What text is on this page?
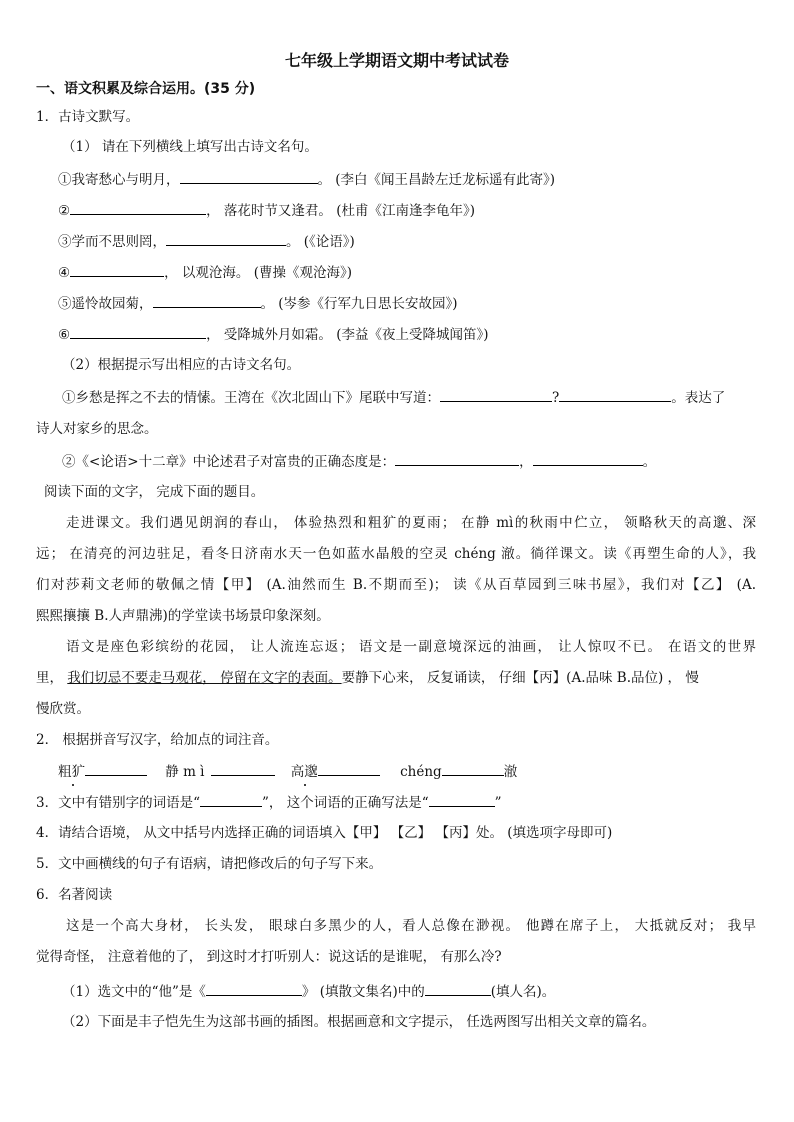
七年级上学期语文期中考试试卷
一、语文积累及综合运用。(35 分)
1．古诗文默写。
（1） 请在下列横线上填写出古诗文名句。
①我寄愁心与明月，	。 (李白《闻王昌龄左迁龙标遥有此寄》)
②	， 落花时节又逢君。 (杜甫《江南逢李龟年》)
③学而不思则罔，	。 (《论语》)
④	， 以观沧海。 (曹操《观沧海》)
⑤遥怜故园菊，	。 (岑参《行军九日思长安故园》)
⑥	， 受降城外月如霜。 (李益《夜上受降城闻笛》)
（2）根据提示写出相应的古诗文名句。
①乡愁是挥之不去的情愫。王湾在《次北固山下》尾联中写道：	?	。表达了
诗人对家乡的思念。
②《<论语>十二章》中论述君子对富贵的正确态度是：	，	。
阅读下面的文字， 完成下面的题目。
走进课文。我们遇见朗润的春山， 体验热烈和粗犷的夏雨； 在静 mì的秋雨中伫立， 领略秋天的高邈、深
远； 在清亮的河边驻足，看冬日济南水天一色如蓝水晶般的空灵 chéng 澈。徜徉课文。读《再塑生命的人》，我
们对莎莉文老师的敬佩之情【甲】 (A.油然而生 B.不期而至)； 读《从百草园到三味书屋》，我们对【乙】 (A.
熙熙攘攘 B.人声鼎沸)的学堂读书场景印象深刻。
语文是座色彩缤纷的花园， 让人流连忘返； 语文是一副意境深远的油画， 让人惊叹不已。 在语文的世界
里， 我们切忌不要走马观花， 停留在文字的表面。要静下心来， 反复诵读， 仔细【丙】(A.品味 B.品位) ， 慢
慢欣赏。
2． 根据拼音写汉字，给加点的词注音。
粗犷	静 m ì	高邈	chéng	澈
3．文中有错别字的词语是“	”， 这个词语的正确写法是“	”
4．请结合语境， 从文中括号内选择正确的词语填入【甲】 【乙】 【丙】处。 (填选项字母即可)
5．文中画横线的句子有语病，请把修改后的句子写下来。
6．名著阅读
这是一个高大身材， 长头发， 眼球白多黑少的人，看人总像在渺视。 他蹲在席子上， 大抵就反对； 我早
觉得奇怪， 注意着他的了， 到这时才打听别人：说这话的是谁呢， 有那么冷?
（1）选文中的“他”是《	》 (填散文集名)中的	(填人名)。
（2）下面是丰子恺先生为这部书画的插图。根据画意和文字提示， 任选两图写出相关文章的篇名。
